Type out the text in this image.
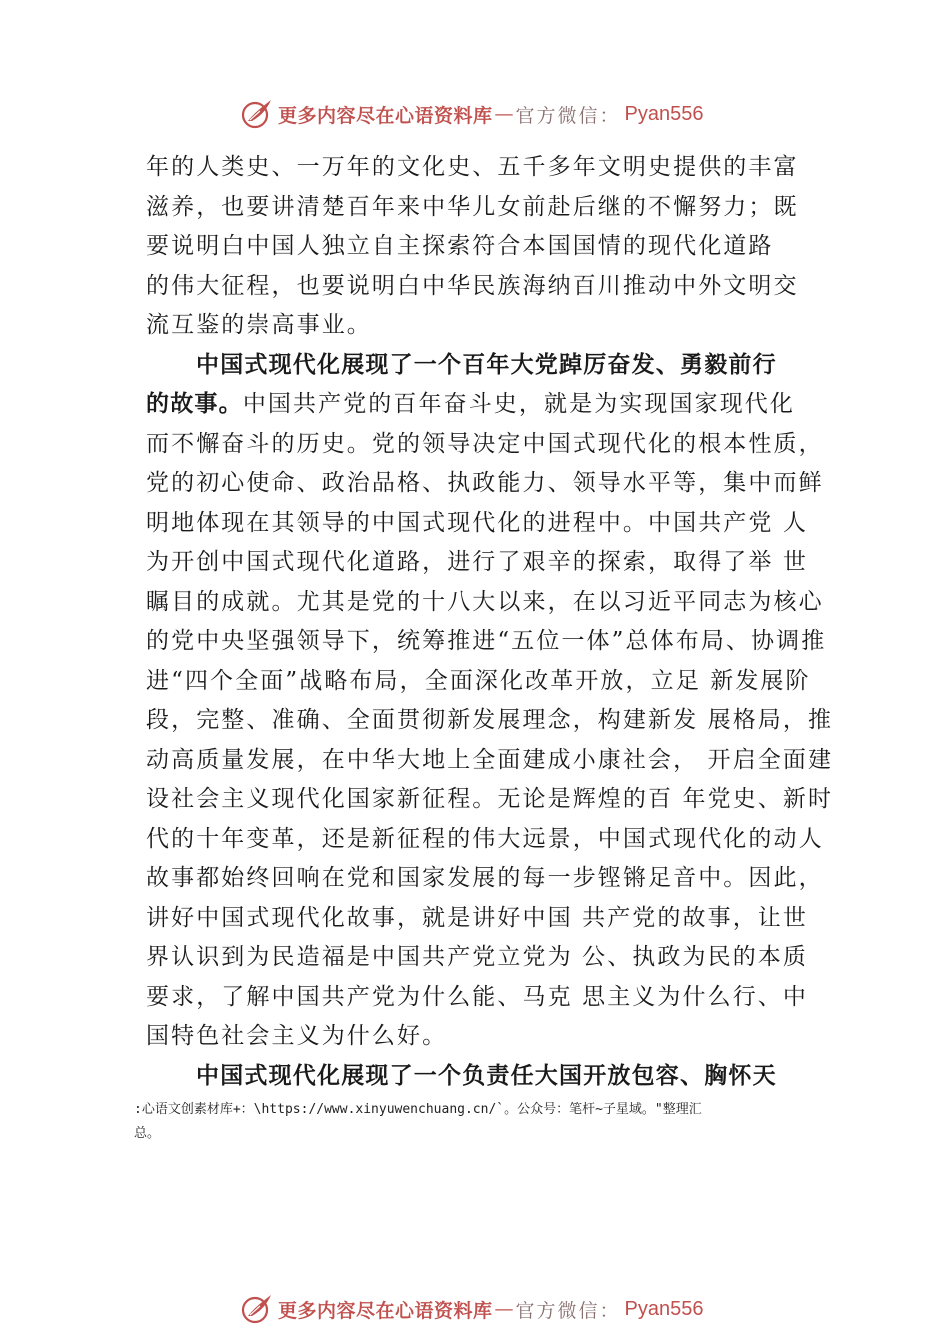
更多内容尽在心语资料库 — 官方微信： Pyan556
年的人类史、一万年的文化史、五千多年文明史提供的丰富
滋养，也要讲清楚百年来中华儿女前赴后继的不懈努力；既
要说明白中国人独立自主探索符合本国国情的现代化道路
的伟大征程，也要说明白中华民族海纳百川推动中外文明交
流互鉴的崇高事业。
中国式现代化展现了一个百年大党踔厉奋发、勇毅前行
的故事。中国共产党的百年奋斗史，就是为实现国家现代化
而不懈奋斗的历史。党的领导决定中国式现代化的根本性质，
党的初心使命、政治品格、执政能力、领导水平等，集中而鲜
明地体现在其领导的中国式现代化的进程中。中国共产党 人
为开创中国式现代化道路，进行了艰辛的探索，取得了举 世
瞩目的成就。尤其是党的十八大以来，在以习近平同志为核心
的党中央坚强领导下，统筹推进“五位一体”总体布局、协调推
进“四个全面”战略布局，全面深化改革开放，立足 新发展阶
段，完整、准确、全面贯彻新发展理念，构建新发 展格局，推
动高质量发展，在中华大地上全面建成小康社会， 开启全面建
设社会主义现代化国家新征程。无论是辉煌的百 年党史、新时
代的十年变革，还是新征程的伟大远景，中国式现代化的动人
故事都始终回响在党和国家发展的每一步铿锵足音中。因此，
讲好中国式现代化故事，就是讲好中国 共产党的故事，让世
界认识到为民造福是中国共产党立党为 公、执政为民的本质
要求，了解中国共产党为什么能、马克 思主义为什么行、中
国特色社会主义为什么好。
中国式现代化展现了一个负责任大国开放包容、胸怀天
:心语文创素材库+：\https://www.xinyuwenchuang.cn/`。公众号：笔杆~子星域。"整理汇
总。
更多内容尽在心语资料库 — 官方微信： Pyan556
